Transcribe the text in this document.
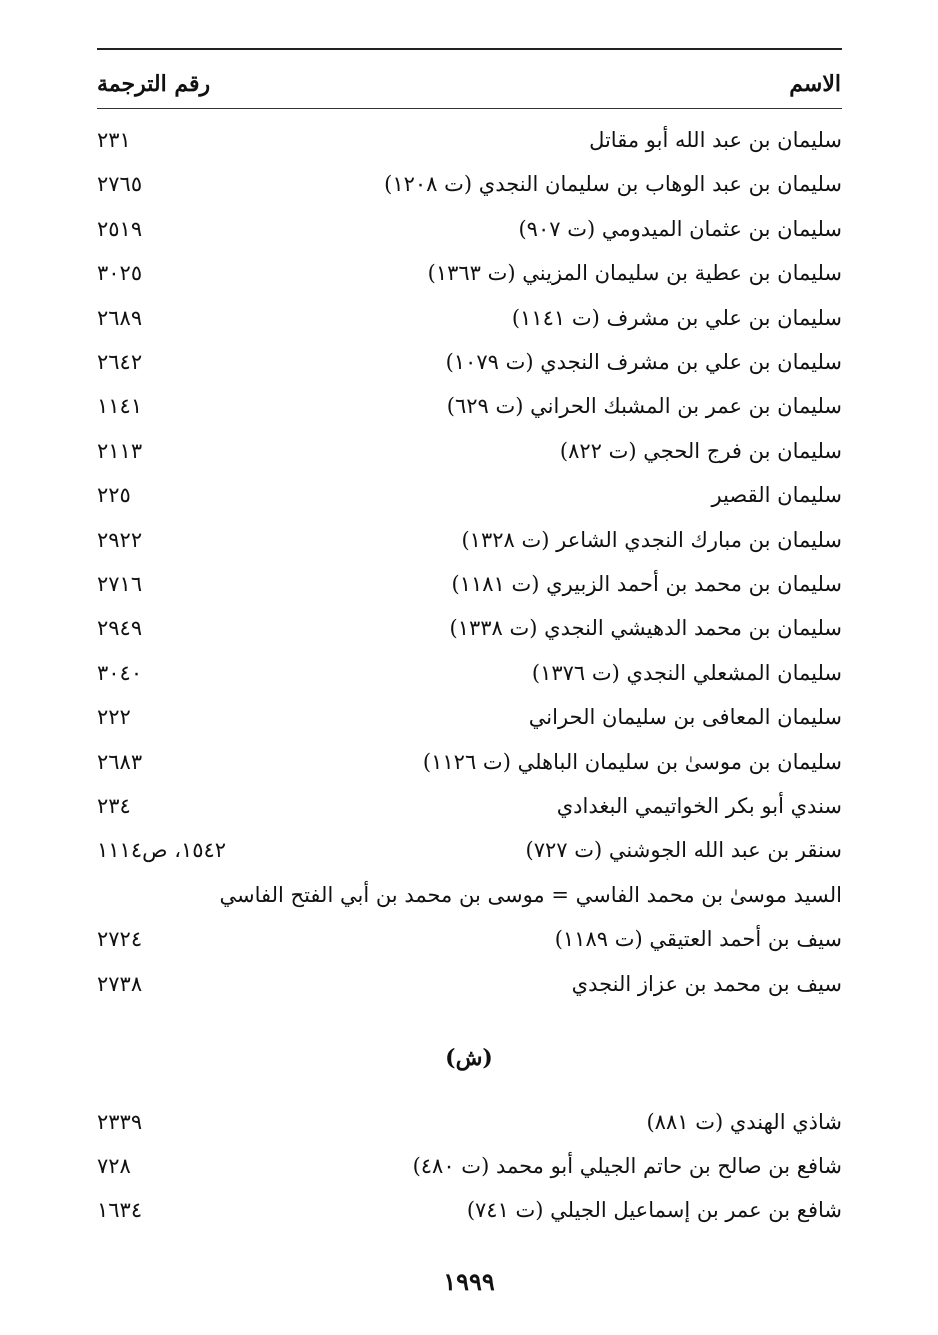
الاسم
رقم الترجمة
سليمان بن عبد الله أبو مقاتل
٢٣١
سليمان بن عبد الوهاب بن سليمان النجدي (ت ١٢٠٨)
٢٧٦٥
سليمان بن عثمان الميدومي (ت ٩٠٧)
٢٥١٩
سليمان بن عطية بن سليمان المزيني (ت ١٣٦٣)
٣٠٢٥
سليمان بن علي بن مشرف (ت ١١٤١)
٢٦٨٩
سليمان بن علي بن مشرف النجدي (ت ١٠٧٩)
٢٦٤٢
سليمان بن عمر بن المشبك الحراني (ت ٦٢٩)
١١٤١
سليمان بن فرج الحجي (ت ٨٢٢)
٢١١٣
سليمان القصير
٢٢٥
سليمان بن مبارك النجدي الشاعر (ت ١٣٢٨)
٢٩٢٢
سليمان بن محمد بن أحمد الزبيري (ت ١١٨١)
٢٧١٦
سليمان بن محمد الدهيشي النجدي (ت ١٣٣٨)
٢٩٤٩
سليمان المشعلي النجدي (ت ١٣٧٦)
٣٠٤٠
سليمان المعافى بن سليمان الحراني
٢٢٢
سليمان بن موسىٰ بن سليمان الباهلي (ت ١١٢٦)
٢٦٨٣
سندي أبو بكر الخواتيمي البغدادي
٢٣٤
سنقر بن عبد الله الجوشني (ت ٧٢٧)
١٥٤٢، ص١١١٤
السيد موسىٰ بن محمد الفاسي = موسى بن محمد بن أبي الفتح الفاسي
سيف بن أحمد العتيقي (ت ١١٨٩)
٢٧٢٤
سيف بن محمد بن عزاز النجدي
٢٧٣٨
(ش)
شاذي الهندي (ت ٨٨١)
٢٣٣٩
شافع بن صالح بن حاتم الجيلي أبو محمد (ت ٤٨٠)
٧٢٨
شافع بن عمر بن إسماعيل الجيلي (ت ٧٤١)
١٦٣٤
١٩٩٩
